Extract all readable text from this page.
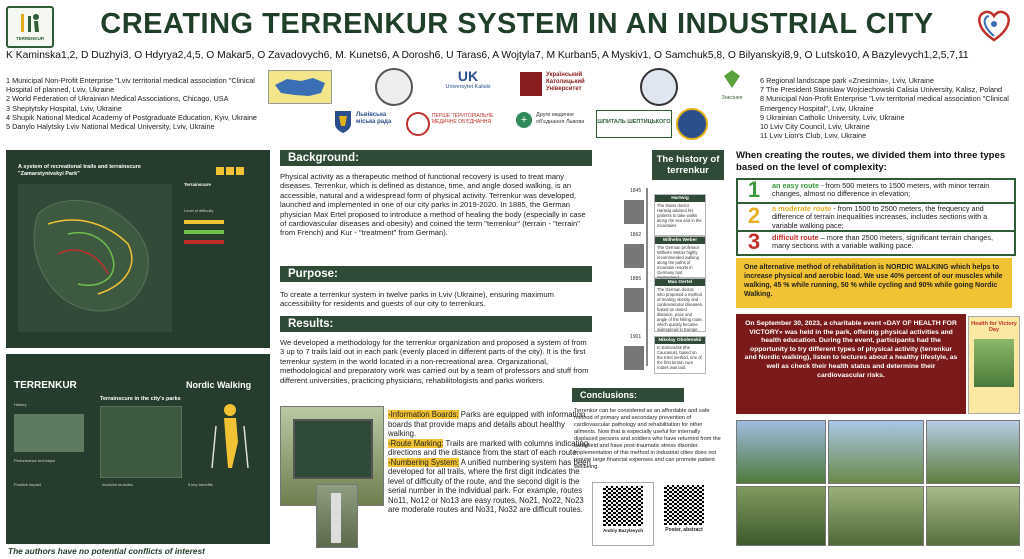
TERRENKUR	CREATING TERRENKUR SYSTEM IN AN INDUSTRIAL CITY
K Kaminska1,2, D Duzhyi3, O Hdyrya2,4,5, O Makar5, O Zavadovych6, M. Kunets6, A Dorosh6, U Taras6, A Wojtyla7, M Kurban5, A Myskiv1, O Samchuk5,8, O Bilyanskyi8,9, O Lutsko10, A Bazylevych1,2,5,7,11
1 Municipal Non-Profit Enterprise "Lviv territorial medical association "Clinical Hospital of planned, Lviv, Ukraine
2 World Federation of Ukrainian Medical Associations, Chicago, USA
3 Sheptytsky Hospital, Lviv, Ukraine
4 Shupik National Medical Academy of Postgraduate Education, Kyiv, Ukraine
5 Danylo Halytsky Lviv National Medical University, Lviv, Ukraine
UK
Universytet Kaliski
Український Католицький Університет
Знесіння
Львівська міська рада
ПЕРШЕ ТЕРИТОРІАЛЬНЕ МЕДИЧНЕ ОБ'ЄДНАННЯ	+	Друге медичне об'єднання Львова	ШПИТАЛЬ ШЕПТИЦЬКОГО
6 Regional landscape park «Znesinnia», Lviv, Ukraine
7 The President Stanisław Wojciechowski Calisia University, Kalisz, Poland
8 Municipal Non-Profit Enterprise "Lviv territorial medical association "Clinical Emergency Hospital", Lviv, Ukraine
9 Ukrainian Catholic University, Lviv, Ukraine
10 Lviv City Council, Lviv, Ukraine
11 Lviv Lion's Club, Lviv, Ukraine
A system of recreational trails and terrainscure "Zamarstynivskyi Park"
Terrainscure
Level of difficulty
TERRENKUR
Terrainscure in the city's parks
Nordic Walking
History
Performance technique
Positive impact	Involved muscles	5 key benefits
The authors have no potential conflicts of interest
Background:
Physical activity as a therapeutic method of functional recovery is used to treat many diseases. Terrenkur, which is defined as distance, time, and angle dosed walking, is an accessible, natural and a widespread form of physical activity. Terrenkur was developed, launched and implemented in one of our city parks in 2019-2020. In 1885, the German physician Max Ertel proposed to introduce a method of healing the body (especially in case of cardiovascular diseases and obesity) and coined the term "terrenkur" (terrain - "terrain" from French) and Kur - "treatment" from German).
Purpose:
To create a terrenkur system in twelve parks in Lviv (Ukraine), ensuring maximum accessibility for residents and guests of our city to terrenkurs.
Results:
We developed a methodology for the terrenkur organization and proposed a system of from 3 up to 7 trails laid out in each park (evenly placed in different parts of the city). It is the first terrenkur system in the world located in a non-recreational area. Organizational, methodological and preparatory work was carried out by a team of professors and stuff from different universities, practicing physicians, rehabilitologists and parks workers.
-Information Boards: Parks are equipped with information boards that provide maps and details about healthy walking.
-Route Marking: Trails are marked with columns indicating directions and the distance from the start of each route.
-Numbering System: A unified numbering system has been developed for all trails, where the first digit indicates the level of difficulty of the route, and the second digit is the serial number in the individual park. For example, routes No11, No12 or No13 are easy routes, No21, No22, No23 are moderate routes and No31, No32 are difficult routes.
The history of terrenkur
1845
Hartwig
The Swiss doctor Hartwig advised his patients to take walks along the sea and in the mountains
1862
Wilhelm Weber
The German professor Wilhelm Weber highly recommended walking along the paths of mountain resorts in Germany and
1885
Max Oertel
The German doctor, who proposed a method of treating obesity and cardiovascular diseases, based on dosed distance, pace and angle of the hiking route, which quickly became widespread in Europe.
1901
Nikolay Obolenskii
In Kislovodsk (the Caucasus), based on the Ertel method, one of the first terrain cure routes was laid.
Conclusions:
Terrenkur can be considered as an affordable and safe method of primary and secondary prevention of cardiovascular pathology and rehabilitation for other ailments. Now that is especially useful for internally displaced persons and soldiers who have returned from the battlefield and have post-traumatic stress disorder. Implementation of this method in industrial cities does not require large financial expenses and can promote patient wellbeing.
Andriy Bazylevych	Poster, abstract
When creating the routes, we divided them into three types based on the level of complexity:
1	an easy route - from 500 meters to 1500 meters, with minor terrain changes, almost no difference in elevation;
2	a moderate route - from 1500 to 2500 meters, the frequency and difference of terrain inequalities increases, includes sections with a variable walking pace;
3	difficult route – more than 2500 meters, significant terrain changes, many sections with a variable walking pace.
One alternative method of rehabilitation is NORDIC WALKING which helps to increase physical and aerobic load. We use 40% percent of our muscles while walking, 45 % while running, 50 % while cycling and 90% while going Nordic Walking.
On September 30, 2023, a charitable event «DAY OF HEALTH FOR VICTORY» was held in the park, offering physical activities and health education. During the event, participants had the opportunity to try different types of physical activity (terrenkur and Nordic walking), listen to lectures about a healthy lifestyle, as well as check their health status and determine their cardiovascular risks.
Health for Victory Day
